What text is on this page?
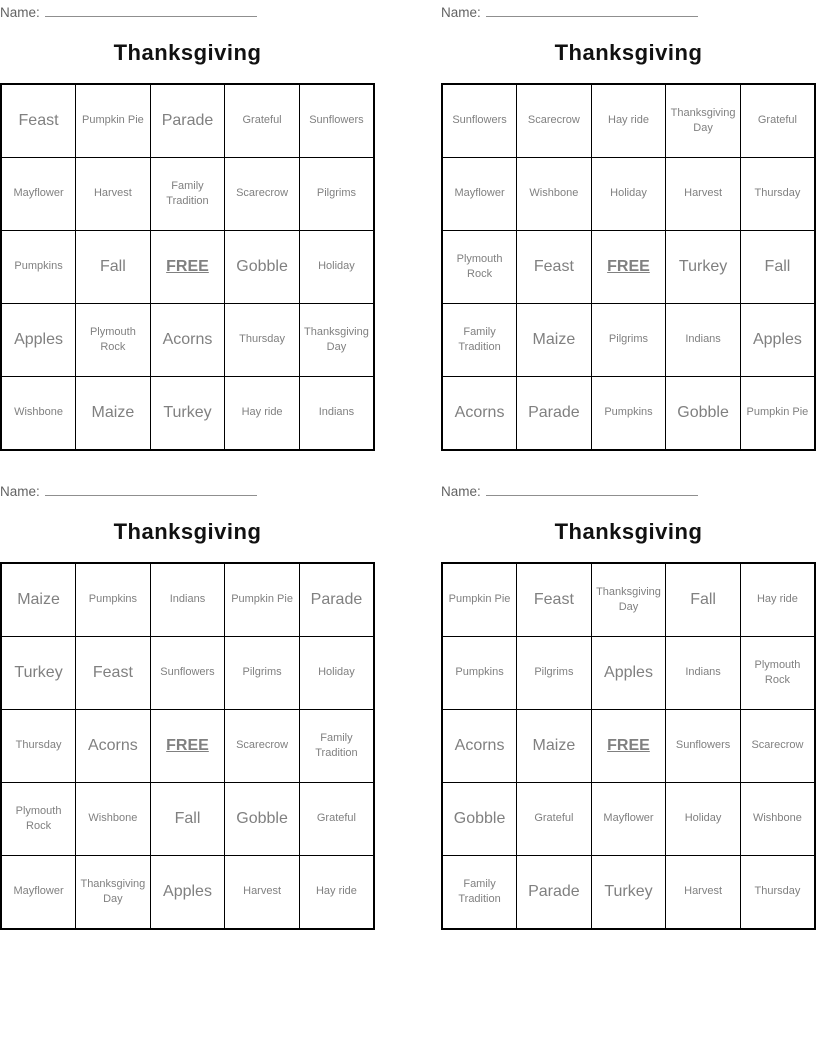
Name:
Thanksgiving
Feast	Pumpkin Pie	Parade	Grateful	Sunflowers
Mayflower	Harvest	Family Tradition	Scarecrow	Pilgrims
Pumpkins	Fall	FREE	Gobble	Holiday
Apples	Plymouth Rock	Acorns	Thursday	Thanksgiving Day
Wishbone	Maize	Turkey	Hay ride	Indians
Name:
Thanksgiving
Sunflowers	Scarecrow	Hay ride	Thanksgiving Day	Grateful
Mayflower	Wishbone	Holiday	Harvest	Thursday
Plymouth Rock	Feast	FREE	Turkey	Fall
Family Tradition	Maize	Pilgrims	Indians	Apples
Acorns	Parade	Pumpkins	Gobble	Pumpkin Pie
Name:
Thanksgiving
Maize	Pumpkins	Indians	Pumpkin Pie	Parade
Turkey	Feast	Sunflowers	Pilgrims	Holiday
Thursday	Acorns	FREE	Scarecrow	Family Tradition
Plymouth Rock	Wishbone	Fall	Gobble	Grateful
Mayflower	Thanksgiving Day	Apples	Harvest	Hay ride
Name:
Thanksgiving
Pumpkin Pie	Feast	Thanksgiving Day	Fall	Hay ride
Pumpkins	Pilgrims	Apples	Indians	Plymouth Rock
Acorns	Maize	FREE	Sunflowers	Scarecrow
Gobble	Grateful	Mayflower	Holiday	Wishbone
Family Tradition	Parade	Turkey	Harvest	Thursday
